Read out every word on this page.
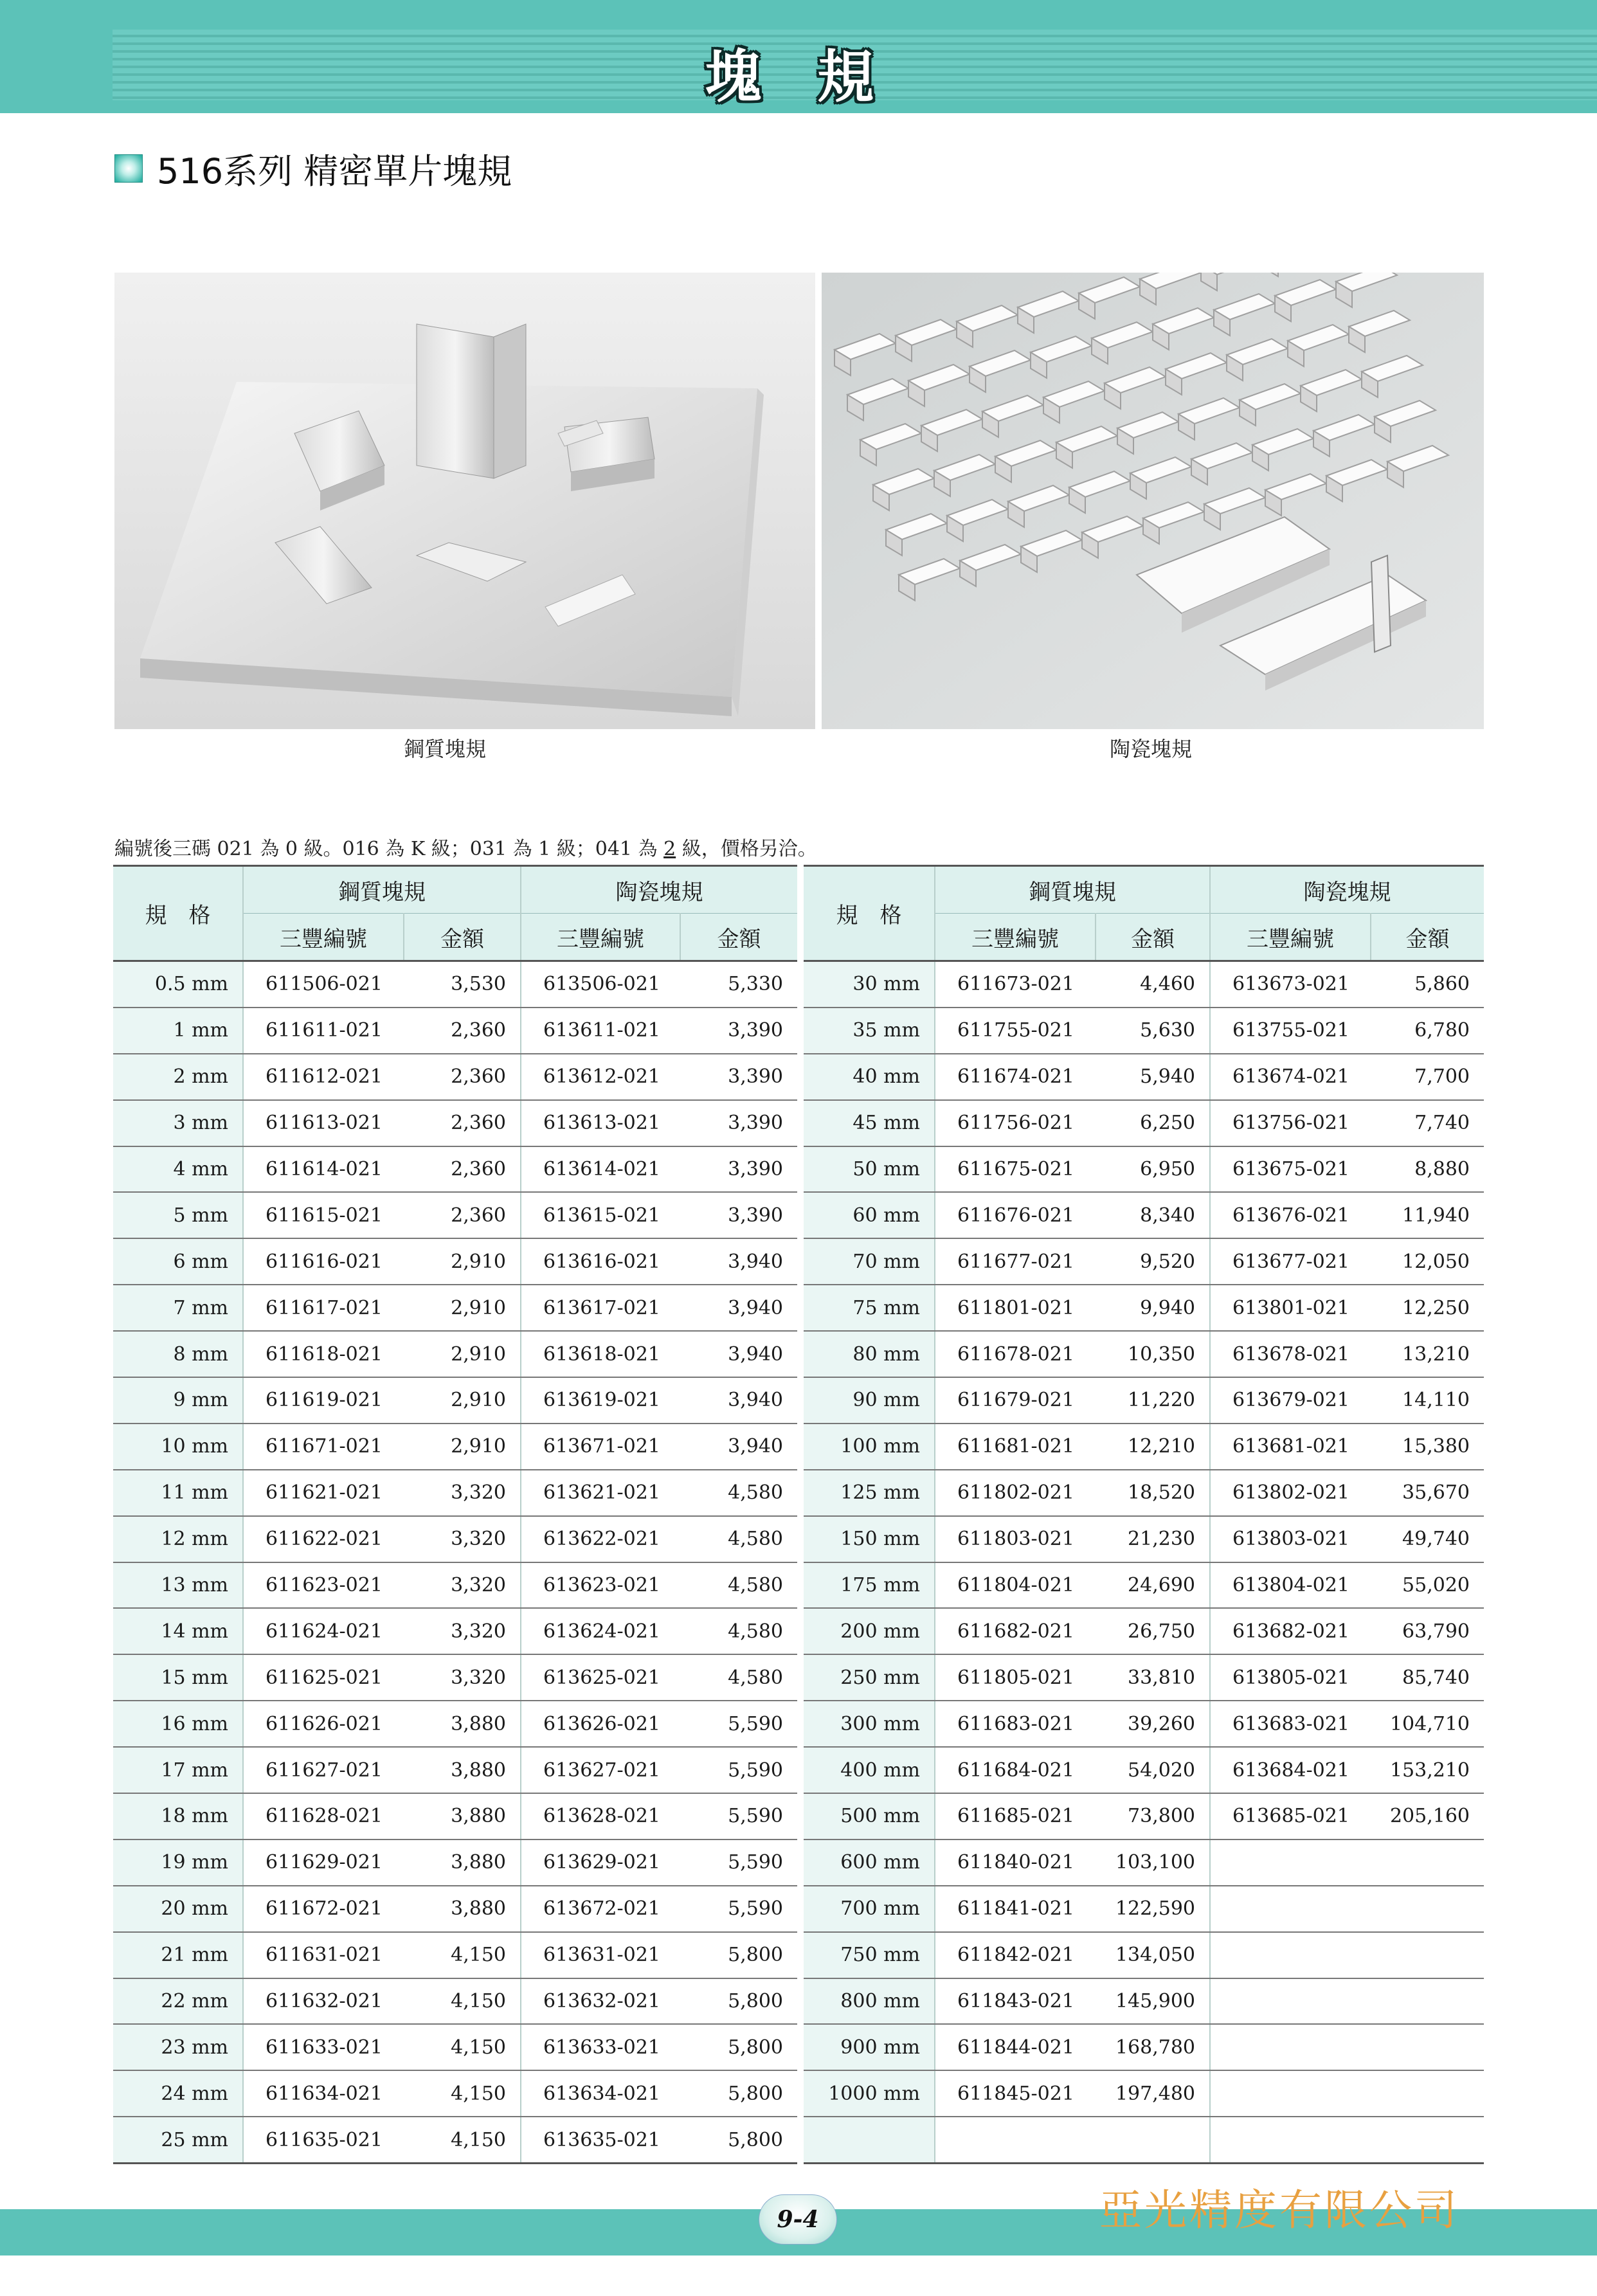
塊 規
516系列 精密單片塊規
鋼質塊規	陶瓷塊規
編號後三碼 021 為 0 級。016 為 K 級；031 為 1 級；041 為 2 級，價格另洽。
規　格	鋼質塊規		陶瓷塊規	
	三豐編號	金額	三豐編號	金額
0.5 mm	611506-021	3,530	613506-021	5,330
1 mm	611611-021	2,360	613611-021	3,390
2 mm	611612-021	2,360	613612-021	3,390
3 mm	611613-021	2,360	613613-021	3,390
4 mm	611614-021	2,360	613614-021	3,390
5 mm	611615-021	2,360	613615-021	3,390
6 mm	611616-021	2,910	613616-021	3,940
7 mm	611617-021	2,910	613617-021	3,940
8 mm	611618-021	2,910	613618-021	3,940
9 mm	611619-021	2,910	613619-021	3,940
10 mm	611671-021	2,910	613671-021	3,940
11 mm	611621-021	3,320	613621-021	4,580
12 mm	611622-021	3,320	613622-021	4,580
13 mm	611623-021	3,320	613623-021	4,580
14 mm	611624-021	3,320	613624-021	4,580
15 mm	611625-021	3,320	613625-021	4,580
16 mm	611626-021	3,880	613626-021	5,590
17 mm	611627-021	3,880	613627-021	5,590
18 mm	611628-021	3,880	613628-021	5,590
19 mm	611629-021	3,880	613629-021	5,590
20 mm	611672-021	3,880	613672-021	5,590
21 mm	611631-021	4,150	613631-021	5,800
22 mm	611632-021	4,150	613632-021	5,800
23 mm	611633-021	4,150	613633-021	5,800
24 mm	611634-021	4,150	613634-021	5,800
25 mm	611635-021	4,150	613635-021	5,800
規　格	鋼質塊規		陶瓷塊規	
	三豐編號	金額	三豐編號	金額
30 mm	611673-021	4,460	613673-021	5,860
35 mm	611755-021	5,630	613755-021	6,780
40 mm	611674-021	5,940	613674-021	7,700
45 mm	611756-021	6,250	613756-021	7,740
50 mm	611675-021	6,950	613675-021	8,880
60 mm	611676-021	8,340	613676-021	11,940
70 mm	611677-021	9,520	613677-021	12,050
75 mm	611801-021	9,940	613801-021	12,250
80 mm	611678-021	10,350	613678-021	13,210
90 mm	611679-021	11,220	613679-021	14,110
100 mm	611681-021	12,210	613681-021	15,380
125 mm	611802-021	18,520	613802-021	35,670
150 mm	611803-021	21,230	613803-021	49,740
175 mm	611804-021	24,690	613804-021	55,020
200 mm	611682-021	26,750	613682-021	63,790
250 mm	611805-021	33,810	613805-021	85,740
300 mm	611683-021	39,260	613683-021	104,710
400 mm	611684-021	54,020	613684-021	153,210
500 mm	611685-021	73,800	613685-021	205,160
600 mm	611840-021	103,100		
700 mm	611841-021	122,590		
750 mm	611842-021	134,050		
800 mm	611843-021	145,900		
900 mm	611844-021	168,780		
1000 mm	611845-021	197,480		

9-4	亞光精度有限公司
